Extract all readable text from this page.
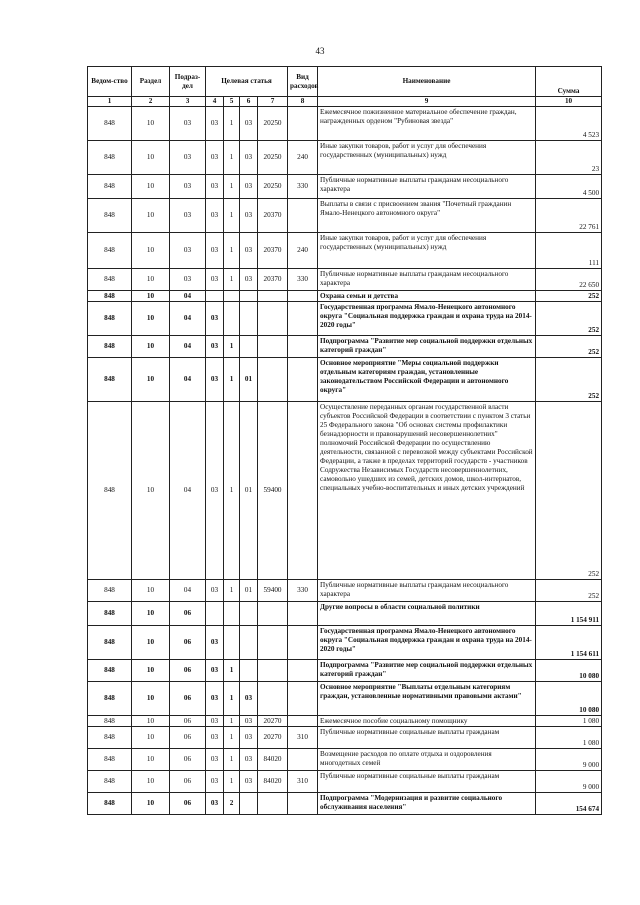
43
Ведом-ство	Раздел	Подраз-дел	Целевая статья				Вид расходов	Наименование	Сумма
1	2	3	4	5	6	7	8	9	10
848	10	03	03	1	03	20250		Ежемесячное пожизненное материальное обеспечение граждан, награжденных орденом "Рубиновая звезда"	4 523
848	10	03	03	1	03	20250	240	Иные закупки товаров, работ и услуг для обеспечения государственных (муниципальных) нужд	23
848	10	03	03	1	03	20250	330	Публичные нормативные выплаты гражданам несоциального характера	4 500
848	10	03	03	1	03	20370		Выплаты в связи с присвоением звания "Почетный гражданин Ямало-Ненецкого автономного округа"	22 761
848	10	03	03	1	03	20370	240	Иные закупки товаров, работ и услуг для обеспечения государственных (муниципальных) нужд	111
848	10	03	03	1	03	20370	330	Публичные нормативные выплаты гражданам несоциального характера	22 650
848	10	04						Охрана семьи и детства	252
848	10	04	03					Государственная программа Ямало-Ненецкого автономного округа "Социальная поддержка граждан и охрана труда на 2014-2020 годы"	252
848	10	04	03	1				Подпрограмма "Развитие мер социальной поддержки отдельных категорий граждан"	252
848	10	04	03	1	01			Основное мероприятие "Меры социальной поддержки отдельным категориям граждан, установленные законодательством Российской Федерации и автономного округа"	252
848	10	04	03	1	01	59400		Осуществление переданных органам государственной власти субъектов Российской Федерации в соответствии с пунктом 3 статьи 25 Федерального закона "Об основах системы профилактики безнадзорности и правонарушений несовершеннолетних" полномочий Российской Федерации по осуществлению деятельности, связанной с перевозкой между субъектами Российской Федерации, а также в пределах территорий государств - участников Содружества Независимых Государств несовершеннолетних, самовольно ушедших из семей, детских домов, школ-интернатов, специальных учебно-воспитательных и иных детских учреждений	252
848	10	04	03	1	01	59400	330	Публичные нормативные выплаты гражданам несоциального характера	252
848	10	06						Другие вопросы в области социальной политики	1 154 911
848	10	06	03					Государственная программа Ямало-Ненецкого автономного округа "Социальная поддержка граждан и охрана труда на 2014-2020 годы"	1 154 611
848	10	06	03	1				Подпрограмма "Развитие мер социальной поддержки отдельных категорий граждан"	10 080
848	10	06	03	1	03			Основное мероприятие "Выплаты отдельным категориям граждан, установленные нормативными правовыми актами"	10 080
848	10	06	03	1	03	20270		Ежемесячное пособие социальному помощнику	1 080
848	10	06	03	1	03	20270	310	Публичные нормативные социальные выплаты гражданам	1 080
848	10	06	03	1	03	84020		Возмещение расходов по оплате отдыха и оздоровления многодетных семей	9 000
848	10	06	03	1	03	84020	310	Публичные нормативные социальные выплаты гражданам	9 000
848	10	06	03	2				Подпрограмма "Модернизация и развитие социального обслуживания населения"	154 674
